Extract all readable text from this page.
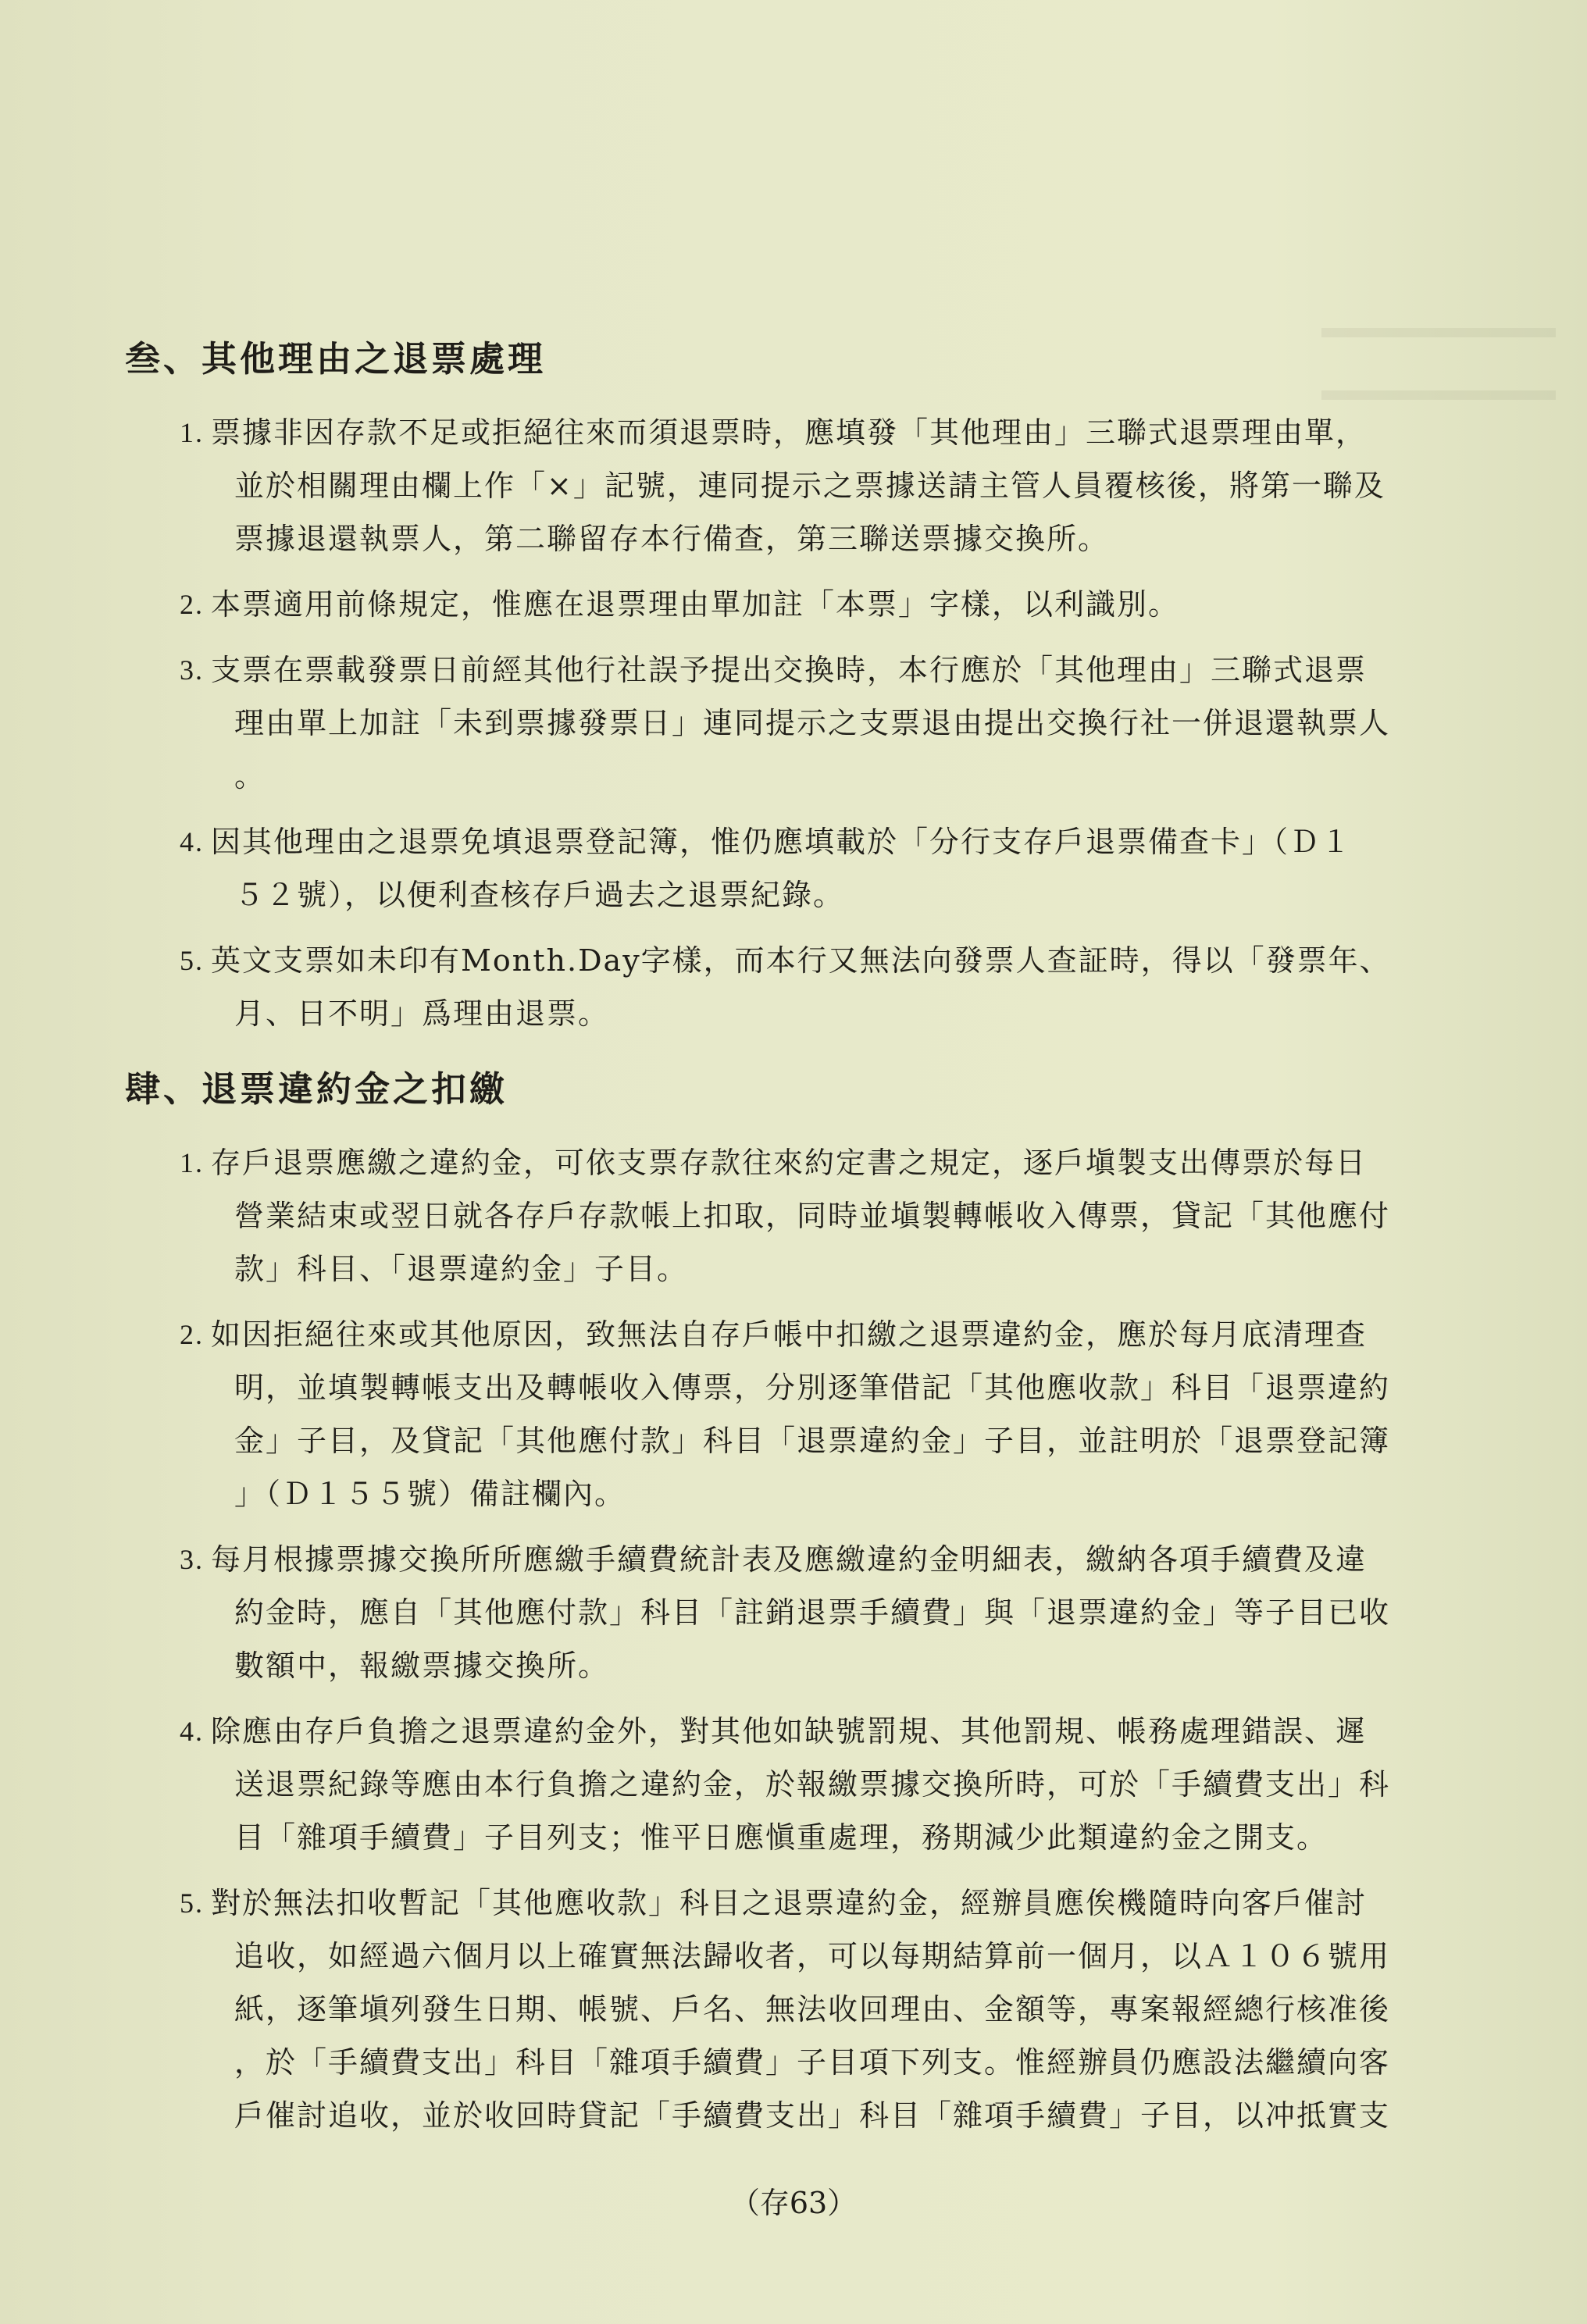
叁、其他理由之退票處理
1. 票據非因存款不足或拒絕往來而須退票時，應填發「其他理由」三聯式退票理由單，
並於相關理由欄上作「×」記號，連同提示之票據送請主管人員覆核後，將第一聯及
票據退還執票人，第二聯留存本行備查，第三聯送票據交換所。
2. 本票適用前條規定，惟應在退票理由單加註「本票」字樣，以利識別。
3. 支票在票載發票日前經其他行社誤予提出交換時，本行應於「其他理由」三聯式退票
理由單上加註「未到票據發票日」連同提示之支票退由提出交換行社一併退還執票人
。
4. 因其他理由之退票免填退票登記簿，惟仍應填載於「分行支存戶退票備查卡」（Ｄ１
５２號），以便利查核存戶過去之退票紀錄。
5. 英文支票如未印有Month.Day字樣，而本行又無法向發票人查証時，得以「發票年、
月、日不明」爲理由退票。
肆、退票違約金之扣繳
1. 存戶退票應繳之違約金，可依支票存款往來約定書之規定，逐戶塡製支出傳票於每日
營業結束或翌日就各存戶存款帳上扣取，同時並塡製轉帳收入傳票，貸記「其他應付
款」科目、「退票違約金」子目。
2. 如因拒絕往來或其他原因，致無法自存戶帳中扣繳之退票違約金，應於每月底清理查
明，並填製轉帳支出及轉帳收入傳票，分別逐筆借記「其他應收款」科目「退票違約
金」子目，及貸記「其他應付款」科目「退票違約金」子目，並註明於「退票登記簿
」（Ｄ１５５號）備註欄內。
3. 每月根據票據交換所所應繳手續費統計表及應繳違約金明細表，繳納各項手續費及違
約金時，應自「其他應付款」科目「註銷退票手續費」與「退票違約金」等子目已收
數額中，報繳票據交換所。
4. 除應由存戶負擔之退票違約金外，對其他如缺號罰規、其他罰規、帳務處理錯誤、遲
送退票紀錄等應由本行負擔之違約金，於報繳票據交換所時，可於「手續費支出」科
目「雜項手續費」子目列支；惟平日應愼重處理，務期減少此類違約金之開支。
5. 對於無法扣收暫記「其他應收款」科目之退票違約金，經辦員應俟機隨時向客戶催討
追收，如經過六個月以上確實無法歸收者，可以每期結算前一個月，以Ａ１０６號用
紙，逐筆塡列發生日期、帳號、戶名、無法收回理由、金額等，專案報經總行核准後
，於「手續費支出」科目「雜項手續費」子目項下列支。惟經辦員仍應設法繼續向客
戶催討追收，並於收回時貸記「手續費支出」科目「雜項手續費」子目，以冲抵實支
（存63）
